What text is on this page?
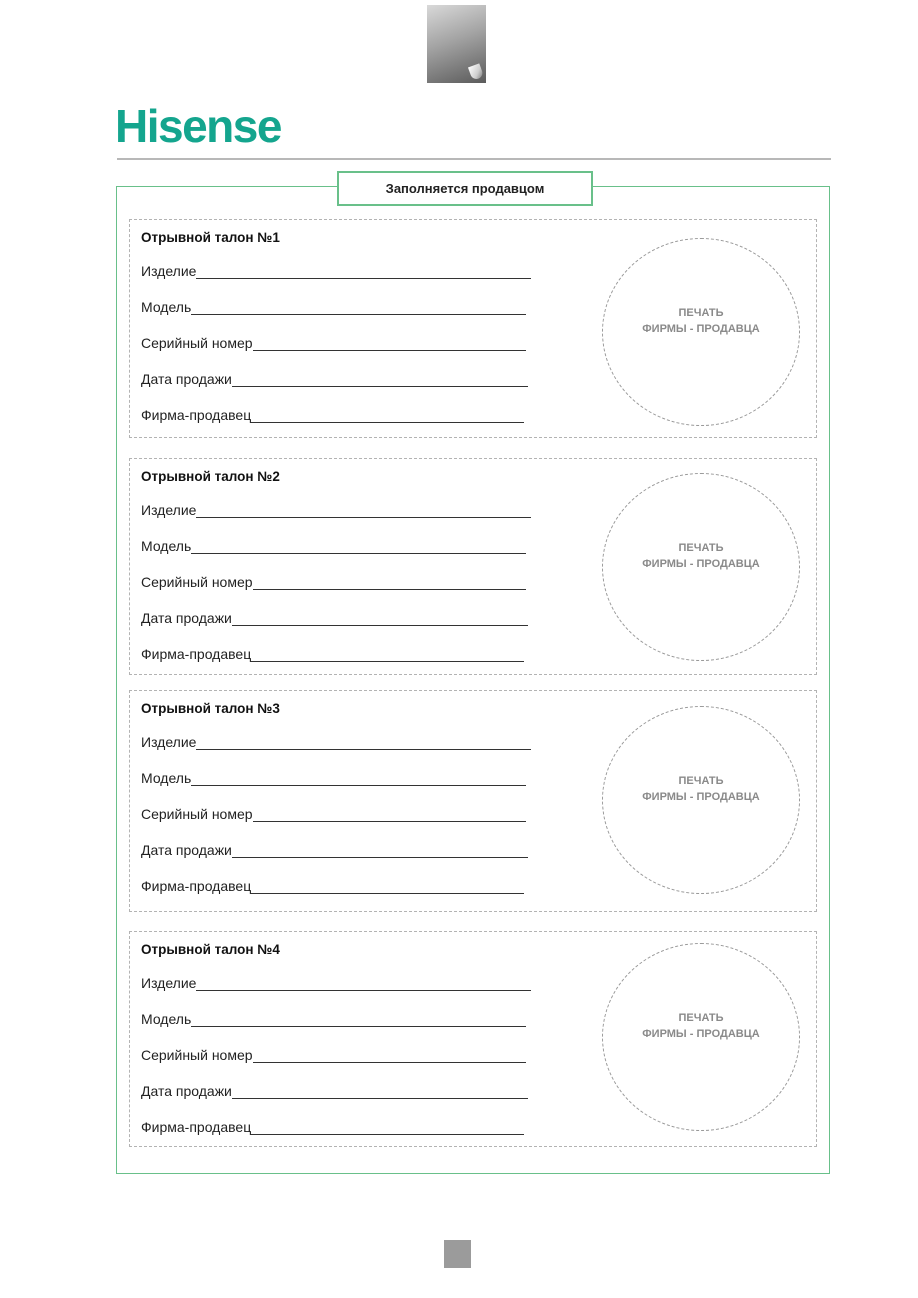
Hisense
Заполняется продавцом
Отрывной талон №1
Изделие
Модель
Серийный номер
Дата продажи
Фирма-продавец
ПЕЧАТЬ
ФИРМЫ - ПРОДАВЦА
Отрывной талон №2
Изделие
Модель
Серийный номер
Дата продажи
Фирма-продавец
ПЕЧАТЬ
ФИРМЫ - ПРОДАВЦА
Отрывной талон №3
Изделие
Модель
Серийный номер
Дата продажи
Фирма-продавец
ПЕЧАТЬ
ФИРМЫ - ПРОДАВЦА
Отрывной талон №4
Изделие
Модель
Серийный номер
Дата продажи
Фирма-продавец
ПЕЧАТЬ
ФИРМЫ - ПРОДАВЦА
